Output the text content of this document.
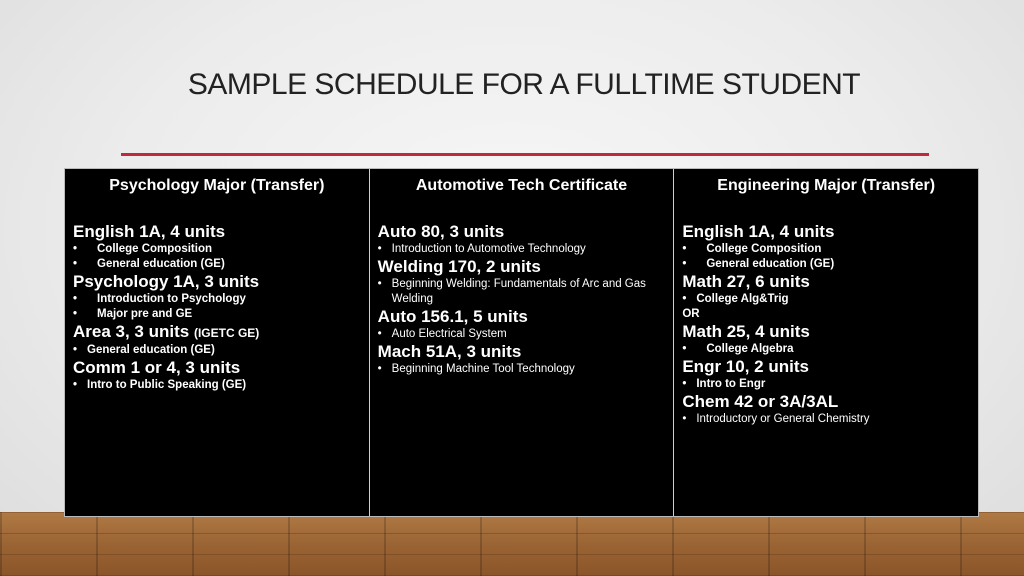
SAMPLE SCHEDULE FOR A FULLTIME STUDENT
Psychology Major (Transfer)

English 1A, 4 units

• College Composition
• General education (GE)

Psychology 1A, 3 units

• Introduction to Psychology
• Major pre and GE

Area 3, 3 units (IGETC GE)

• General education (GE)

Comm 1 or 4, 3 units

• Intro to Public Speaking (GE)
Automotive Tech Certificate

Auto 80, 3 units

• Introduction to Automotive Technology

Welding 170, 2 units

• Beginning Welding: Fundamentals of Arc and Gas Welding

Auto 156.1, 5 units

• Auto Electrical System

Mach 51A, 3 units

• Beginning Machine Tool Technology
Engineering Major (Transfer)

English 1A, 4 units

• College Composition
• General education (GE)

Math 27, 6 units

• College Alg&Trig
OR

Math 25, 4 units

• College Algebra

Engr 10, 2 units

• Intro to Engr

Chem 42 or 3A/3AL

• Introductory or General Chemistry
